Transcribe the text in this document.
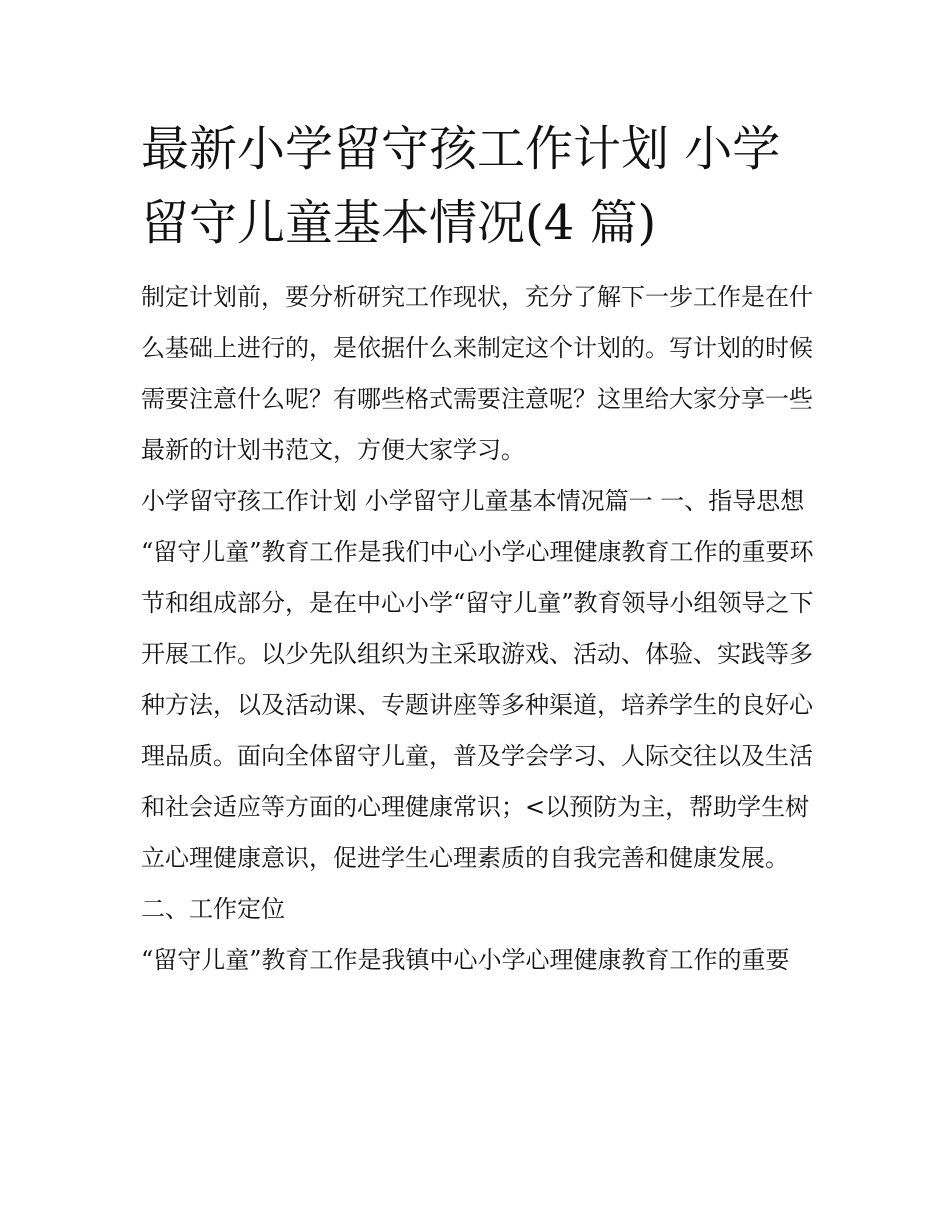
最新小学留守孩工作计划 小学
留守儿童基本情况(4 篇)

制定计划前，要分析研究工作现状，充分了解下一步工作是在什么基础上进行的，是依据什么来制定这个计划的。写计划的时候需要注意什么呢？有哪些格式需要注意呢？这里给大家分享一些最新的计划书范文，方便大家学习。

小学留守孩工作计划 小学留守儿童基本情况篇一 一、指导思想

“留守儿童”教育工作是我们中心小学心理健康教育工作的重要环节和组成部分，是在中心小学“留守儿童”教育领导小组领导之下开展工作。以少先队组织为主采取游戏、活动、体验、实践等多种方法，以及活动课、专题讲座等多种渠道，培养学生的良好心理品质。面向全体留守儿童，普及学会学习、人际交往以及生活和社会适应等方面的心理健康常识；<以预防为主，帮助学生树立心理健康意识，促进学生心理素质的自我完善和健康发展。

二、工作定位

“留守儿童”教育工作是我镇中心小学心理健康教育工作的重要
